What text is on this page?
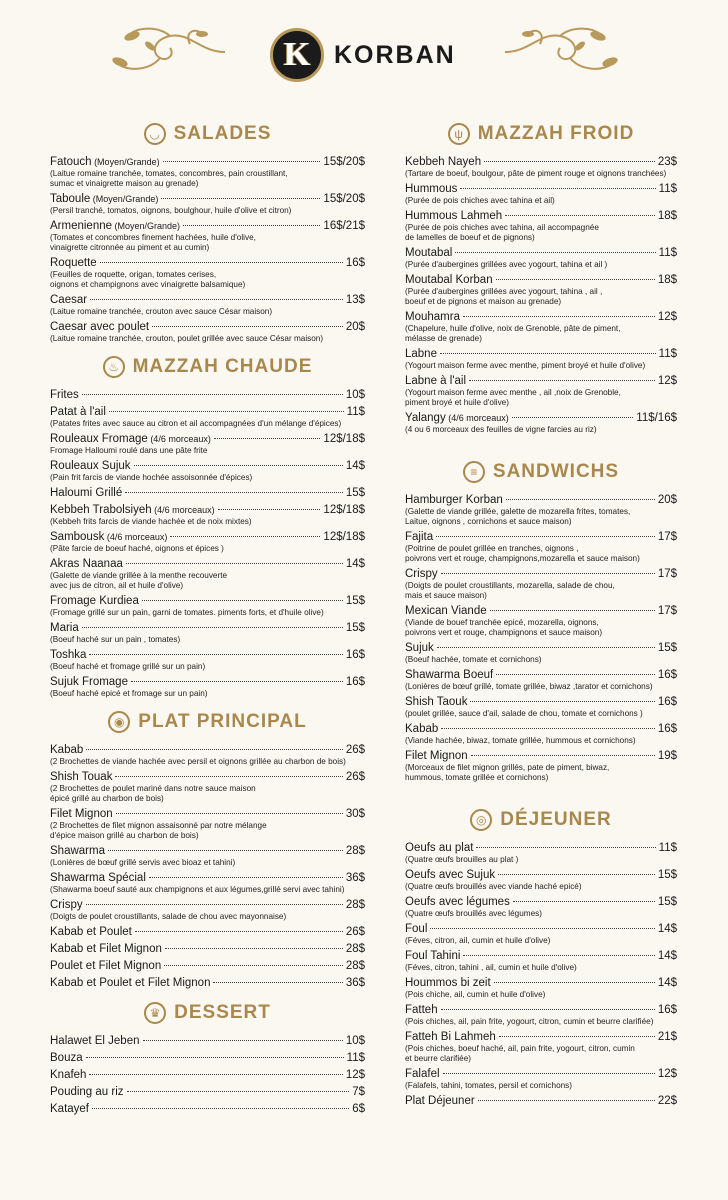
K KORBAN
◡ SALADES
Fatouch (Moyen/Grande)	15$/20$
(Laitue romaine tranchée, tomates, concombres, pain croustillant,
sumac et vinaigrette maison au grenade)
Taboule (Moyen/Grande)	15$/20$
(Persil tranché, tomatos, oignons, boulghour, huile d'olive et citron)
Armenienne (Moyen/Grande)	16$/21$
(Tomates et concombres finement hachées, huile d'olive,
vinaigrette citronnée au piment et au cumin)
Roquette	16$
(Feuilles de roquette, origan, tomates cerises,
oignons et champignons avec vinaigrette balsamique)
Caesar	13$
(Laitue romaine tranchée, crouton avec sauce César maison)
Caesar avec poulet	20$
(Laitue romaine tranchée, crouton, poulet grillée avec sauce César maison)
♨ MAZZAH CHAUDE
Frites	10$
Patat à l'ail	11$
(Patates frites avec sauce au citron et ail accompagnées d'un mélange d'épices)
Rouleaux Fromage (4/6 morceaux)	12$/18$
Fromage Halloumi roulé dans une pâte frite
Rouleaux Sujuk	14$
(Pain frit farcis de viande hochée assoisonnée d'épices)
Haloumi Grillé	15$
Kebbeh Trabolsiyeh (4/6 morceaux)	12$/18$
(Kebbeh frits farcis de viande hachée et de noix mixtes)
Sambousk (4/6 morceaux)	12$/18$
(Pâte farcie de boeuf haché, oignons et épices )
Akras Naanaa	14$
(Galette de viande grillée à la menthe recouverte
avec jus de citron, ail et huile d'olive)
Fromage Kurdiea	15$
(Fromage grillé sur un pain, garni de tomates. piments forts, et d'huile olive)
Maria	15$
(Boeuf haché sur un pain , tomates)
Toshka	16$
(Boeuf haché et fromage grillé sur un pain)
Sujuk Fromage	16$
(Boeuf haché epicé et fromage sur un pain)
◉ PLAT PRINCIPAL
Kabab	26$
(2 Brochettes de viande hachée avec persil et oignons grillée au charbon de bois)
Shish Touak	26$
(2 Brochettes de poulet mariné dans notre sauce maison
épicé grillé au charbon de bois)
Filet Mignon	30$
(2 Brochettes de filet mignon assaisonné par notre mélange
d'épice maison grillé au charbon de bois)
Shawarma	28$
(Lonières de bœuf grillé servis avec bioaz et tahini)
Shawarma Spécial	36$
(Shawarma boeuf sauté aux champignons et aux légumes,grillé servi avec tahini)
Crispy	28$
(Doigts de poulet croustillants, salade de chou avec mayonnaise)
Kabab et Poulet	26$
Kabab et Filet Mignon	28$
Poulet et Filet Mignon	28$
Kabab et Poulet et Filet Mignon	36$
♛ DESSERT
Halawet El Jeben	10$
Bouza	11$
Knafeh	12$
Pouding au riz	7$
Katayef	6$
ψ MAZZAH FROID
Kebbeh Nayeh	23$
(Tartare de boeuf, boulgour, pâte de piment rouge et oignons tranchées)
Hummous	11$
(Purée de pois chiches avec tahina et ail)
Hummous Lahmeh	18$
(Purée de pois chiches avec tahina, ail accompagnée
de lamelles de boeuf et de pignons)
Moutabal	11$
(Purée d'aubergines grillées avec yogourt, tahina et ail )
Moutabal Korban	18$
(Purée d'aubergines grillées avec yogourt, tahina , ail ,
boeuf et de pignons et maison au grenade)
Mouhamra	12$
(Chapelure, huile d'olive, noix de Grenoble, pâte de piment,
mélasse de grenade)
Labne	11$
(Yogourt maison ferme avec menthe, piment broyé et huile d'olive)
Labne à l'ail	12$
(Yogourt maison ferme avec menthe , ail ,noix de Grenoble,
piment broyé et huile d'olive)
Yalangy (4/6 morceaux)	11$/16$
(4 ou 6 morceaux des feuilles de vigne farcies au riz)
≡ SANDWICHS
Hamburger Korban	20$
(Galette de viande grillée, galette de mozarella frites, tomates,
Laitue, oignons , cornichons et sauce maison)
Fajita	17$
(Poitrine de poulet grillée en tranches, oignons ,
poivrons vert et rouge, champignons,mozarella et sauce maison)
Crispy	17$
(Doigts de poulet croustillants, mozarella, salade de chou,
mais et sauce maison)
Mexican Viande	17$
(Viande de bouef tranchée epicé, mozarella, oignons,
poivrons vert et rouge, champignons et sauce maison)
Sujuk	15$
(Boeuf hachée, tomate et cornichons)
Shawarma Boeuf	16$
(Lonières de bœuf grillé, tomate grillée, biwaz ,tarator et cornichons)
Shish Taouk	16$
(poulet grillée, sauce d'ail, salade de chou, tomate et cornichons )
Kabab	16$
(Viande hachée, biwaz, tomate grillée, hummous et cornichons)
Filet Mignon	19$
(Morceaux de filet mignon grillés, pate de piment, biwaz,
hummous, tomate grillée et cornichons)
◎ DÉJEUNER
Oeufs au plat	11$
(Quatre œufs brouilles au plat )
Oeufs avec Sujuk	15$
(Quatre œufs brouillés avec viande haché epicé)
Oeufs avec légumes	15$
(Quatre œufs brouillés avec légumes)
Foul	14$
(Féves, citron, ail, cumin et huile d'olive)
Foul Tahini	14$
(Féves, citron, tahini , ail, cumin et huile d'olive)
Hoummos bi zeit	14$
(Pois chiche, ail, cumin et huile d'olive)
Fatteh	16$
(Pois chiches, ail, pain frite, yogourt, citron, cumin et beurre clarifiée)
Fatteh Bi Lahmeh	21$
(Pois chiches, boeuf haché, ail, pain frite, yogourt, citron, cumin
et beurre clarifiée)
Falafel	12$
(Falafels, tahini, tomates, persil et cornichons)
Plat Déjeuner	22$
